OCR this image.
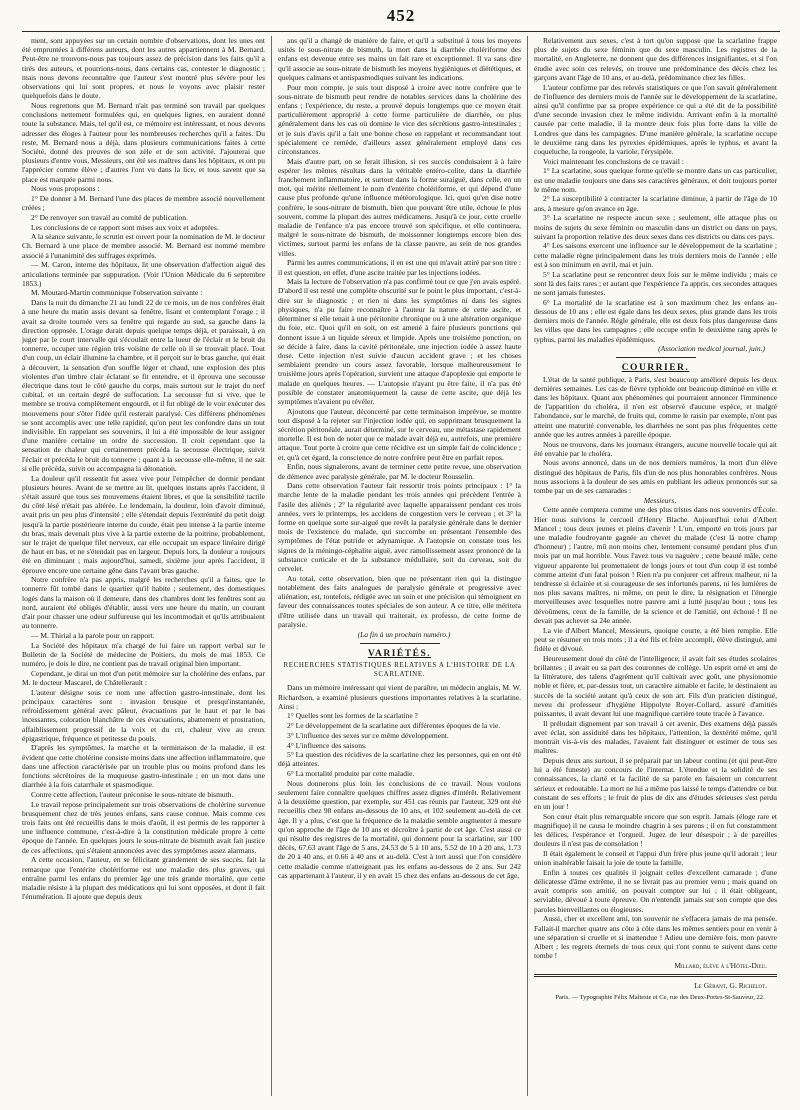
452

ment, sont appuyées sur un certain nombre d'observations, dont les unes ont été empruntées à différens auteurs, dont les autres appartiennent à M. Bernard. Peut-être ne trouvons-nous pas toujours assez de précision dans les faits qu'il a tirés des auteurs, et pourrions-nous, dans certains cas, contester le diagnostic ; mais nous devons reconnaître que l'auteur s'est montré plus sévère pour les observations qui lui sont propres, et nous le voyons avec plaisir rester quelquefois dans le doute.

Nous regrettons que M. Bernard n'ait pas terminé son travail par quelques conclusions nettement formulées qui, en quelques lignes, en auraient donné toute la substance. Mais, tel qu'il est, ce mémoire est intéressant, et nous devons adresser des éloges à l'auteur pour les nombreuses recherches qu'il a faites. Du reste, M. Bernard nous a déjà, dans plusieurs communications faites à cette Société, donné des preuves de son zèle et de son activité. J'ajouterai que plusieurs d'entre vous, Messieurs, ont été ses maîtres dans les hôpitaux, et ont pu l'apprécier comme élève ; d'autres l'ont vu dans la lice, et tous savent que sa place est marquée parmi nous.

Nous vous proposons :

1° De donner à M. Bernard l'une des places de membre associé nouvellement créées ;

2° De renvoyer son travail au comité de publication.

Les conclusions de ce rapport sont mises aux voix et adoptées.

A la séance suivante, le scrutin est ouvert pour la nomination de M. le docteur Ch. Bernard à une place de membre associé. M. Bernard est nommé membre associé à l'unanimité des suffrages exprimés.

— M. Caron, interne des hôpitaux, lit une observation d'affection aiguë des articulations terminée par suppuration. (Voir l'Union Médicale du 6 septembre 1853.)

M. Moutard-Martin communique l'observation suivante :

Dans la nuit du dimanche 21 au lundi 22 de ce mois, un de nos confrères était à une heure du matin assis devant sa fenêtre, lisant et contemplant l'orage ; il avait sa droite tournée vers sa fenêtre qui regarde au sud, sa gauche dans la direction opposée. L'orage durait depuis quelque temps déjà, et paraissait, à en juger par le court intervalle qui s'écoulait entre la lueur de l'éclair et le bruit du tonnerre, occuper une région très voisine de celle où il se trouvait placé. Tout d'un coup, un éclair illumine la chambre, et il perçoit sur le bras gauche, qui était à découvert, la sensation d'un souffle léger et chaud, une explosion des plus violentes d'un timbre clair éclatant se fit entendre, et il éprouva une secousse électrique dans tout le côté gauche du corps, mais surtout sur le trajet du nerf cubital, et un certain degré de suffocation. La secousse fut si vive, que le membre se trouva complètement engourdi, et il fut obligé de le voir exécuter des mouvemens pour s'ôter l'idée qu'il resterait paralysé. Ces différens phénomènes se sont accomplis avec une telle rapidité, qu'on peut les confondre dans un tout indivisible. En rappelant ses souvenirs, il lui a été impossible de leur assigner d'une manière certaine un ordre de succession. Il croit cependant que la sensation de chaleur qui certainement précéda la secousse électrique, suivit l'éclair et précéda le bruit du tonnerre ; quant à la secousse elle-même, il ne sait si elle précéda, suivit ou accompagna la détonation.

La douleur qu'il ressentit fut assez vive pour l'empêcher de dormir pendant plusieurs heures. Avant de se mettre au lit, quelques instans après l'accident, il s'était assuré que tous ses mouvemens étaient libres, et que la sensibilité tactile du côté lésé n'était pas altérée. Le lendemain, la douleur, loin d'avoir diminué, avait pris un peu plus d'intensité ; elle s'étendait depuis l'extrémité du petit doigt jusqu'à la partie postérieure interne du coude, était peu intense à la partie interne du bras, mais devenait plus vive à la partie externe de la poitrine, probablement, sur le trajet de quelque filet nerveux, car elle occupait un espace linéaire dirigé de haut en bas, et ne s'étendait pas en largeur. Depuis lors, la douleur a toujours été en diminuant ; mais aujourd'hui, samedi, sixième jour après l'accident, il éprouve encore une certaine gêne dans l'avant bras gauche.

Notre confrère n'a pas appris, malgré les recherches qu'il a faites, que le tonnerre fût tombé dans le quartier qu'il habite ; seulement, des domestiques logés dans la maison où il demeure, dans des chambres dont les fenêtres sont au nord, auraient été obligés d'établir, aussi vers une heure du matin, un courant d'air pour chasser une odeur sulfureuse qui les incommodait et qu'ils attribuaient au tonnerre.

— M. Thirial a la parole pour un rapport.

La Société des hôpitaux m'a chargé de lui faire un rapport verbal sur le Bulletin de la Société de médecine de Poitiers, du mois de mai 1853. Ce numéro, je dois le dire, ne contient pas de travail original bien important.

Cependant, je dirai un mot d'un petit mémoire sur la cholérine des enfans, par M. le docteur Mascarel, de Châtellerault :

L'auteur désigne sous ce nom une affection gastro-intestinale, dont les principaux caractères sont : invasion brusque et presqu'instantanée, refroidissement général avec pâleur, évacuations par le haut et par le bas incessantes, coloration blanchâtre de ces évacuations, abattement et prostration, affaiblissement progressif de la voix et du cri, chaleur vive au creux épigastrique, fréquence et petitesse du pouls.

D'après les symptômes, la marche et la terminaison de la maladie, il est évident que cette cholérine consiste moins dans une affection inflammatoire, que dans une affection caractérisée par un trouble plus ou moins profond dans les fonctions sécrétoires de la muqueuse gastro-intestinale ; en un mot dans une diarrhée à la fois catarrhale et spasmodique.

Contre cette affection, l'auteur préconise le sous-nitrate de bismuth.

Le travail repose principalement sur trois observations de cholérine survenue brusquement chez de très jeunes enfans, sans cause connue. Mais comme ces trois faits ont été recueillis dans le mois d'août, il est permis de les rapporter à une influence commune, c'est-à-dire à la constitution médicale propre à cette époque de l'année. En quelques jours le sous-nitrate de bismuth avait fait justice de ces affections, qui s'étaient annoncées avec des symptômes assez alarmans.

A cette occasion, l'auteur, en se félicitant grandement de ses succès, fait la remarque que l'entérite cholériforme est une maladie des plus graves, qui entraîne parmi les enfans du premier âge une très grande mortalité, que cette maladie résiste à la plupart des médications qui lui sont opposées, et dont il fait l'énumération. Il ajoute que depuis deux

ans qu'il a changé de manière de faire, et qu'il a substitué à tous les moyens usités le sous-nitrate de bismuth, la mort dans la diarrhée cholériforme des enfans est devenue entre ses mains un fait rare et exceptionnel. Il va sans dire qu'il associe au sous-nitrate de bismuth les moyens hygiéniques et diététiques, et quelques calmans et antispasmodiques suivant les indications.

Pour mon compte, je suis tout disposé à croire avec notre confrère que le sous-nitrate de bismuth peut rendre de notables services dans la cholérine des enfans ; l'expérience, du reste, a prouvé depuis longtemps que ce moyen était particulièrement approprié à cette forme particulière de diarrhée, ou plus généralement dans les cas où domine le vice des sécrétions gastro-intestinales ; et je suis d'avis qu'il a fait une bonne chose en rappelant et recommandant tout spécialement ce remède, d'ailleurs assez généralement employé dans ces circonstances.

Mais d'autre part, on se ferait illusion, si ces succès conduisaient à à faire espérer les mêmes résultats dans la véritable entéro-colite, dans la diarrhée franchement inflammatoire, et surtout dans la forme suraiguë, dans celle, en un mot, qui mérite réellement le nom d'entérite cholériforme, et qui dépend d'une cause plus profonde qu'une influence météorologique. Ici, quoi qu'en dise notre confrère, le sous-nitrate de bismuth, bien que pouvant être utile, échoue le plus souvent, comme la plupart des autres médicamens. Jusqu'à ce jour, cette cruelle maladie de l'enfance n'a pas encore trouvé son spécifique, et elle continuera, malgré le sous-nitrate de bismuth, de moissonner longtemps encore bien des victimes, surtout parmi les enfans de la classe pauvre, au sein de nos grandes villes.

Parmi les autres communications, il en est une qui m'avait attiré par son titre : il est question, en effet, d'une ascite traitée par les injections iodées.

Mais la lecture de l'observation n'a pas confirmé tout ce que j'en avais espéré. D'abord il est resté une complète obscurité sur le point le plus important, c'est-à-dire sur le diagnostic ; et rien ni dans les symptômes ni dans les signes physiques, n'a pu faire reconnaître à l'auteur la nature de cette ascite, et déterminer si elle tenait à une péritonite chronique ou à une altération organique du foie, etc. Quoi qu'il en soit, on est amené à faire plusieurs ponctions qui donnent issue à un liquide séreux et limpide. Après une troisième ponction, on se décide à faire, dans la cavité péritonéale, une injection iodée à assez haute dose. Cette injection n'est suivie d'aucun accident grave ; et les choses semblaient prendre un cours assez favorable, lorsque malheureusement le troisième jours après l'opération, survient une attaque d'apoplexie qui emporte le malade en quelques heures. — L'autopsie n'ayant pu être faite, il n'a pas été possible de constater anatomiquement la cause de cette ascite, que déjà les symptômes n'avaient pu révéler.

Ajoutons que l'auteur, déconcerté par cette terminaison imprévue, se montre tout disposé à la rejeter sur l'injection iodée qui, en supprimant brusquement la sécrétion péritonéale, aurait déterminé, sur le cerveau, une métastase rapidement mortelle. Il est bon de noter que ce malade avait déjà eu, autrefois, une première attaque. Tout porte à croire que cette récidive est un simple fait de coïncidence ; et, qu'à cet égard, la conscience de notre confrère peut être en parfait repos.

Enfin, nous signalerons, avant de terminer cette petite revue, une observation de démence avec paralysie générale, par M. le docteur Rousselin.

Dans cette observation l'auteur fait ressortir trois points principaux : 1° la marche lente de la maladie pendant les trois années qui précèdent l'entrée à l'asile des aliénés ; 2° la régularité avec laquelle apparaissent pendant ces trois années, vers le printemps, les accidens de congestion vers le cerveau ; et 3° la forme en quelque sorte sur-aiguë que revêt la paralysie générale dans le dernier mois de l'existence du malade, qui succombe en présentant l'ensemble des symptômes de l'état putride et adynamique. A l'autopsie on constate tous les signes de la méningo-céphalite aiguë, avec ramollissement assez prononcé de la substance corticale et de la substance médullaire, soit du cerveau, soit du cervelet.

Au total, cette observation, bien que ne présentant rien qui la distingue notablement des faits analogues de paralysie générale et progressive avec aliénation, est, toutefois, rédigée avec un soin et une précision qui témoignent en faveur des connaissances toutes spéciales de son auteur. A ce titre, elle méritera d'être utilisée dans un travail qui traiterait, ex professo, de cette forme de paralysie.

(La fin à un prochain numéro.)

VARIÉTÉS.
RECHERCHES STATISTIQUES RELATIVES A L'HISTOIRE DE LA SCARLATINE.

Dans un mémoire intéressant qui vient de paraître, un médecin anglais, M. W. Richardson, a examiné plusieurs questions importantes relatives à la scarlatine. Ainsi :

1° Quelles sont les formes de la scarlatine ?

2° Le développement de la scarlatine aux différentes époques de la vie.

3° L'influence des sexes sur ce même développement.

4° L'influence des saisons.

5° La question des récidives de la scarlatine chez les personnes, qui en ont été déjà atteintes.

6° La mortalité produite par cette maladie.

Nous donnerons plus loin les conclusions de ce travail. Nous voulons seulement faire connaître quelques chiffres assez dignes d'intérêt. Relativement à la deuxième question, par exemple, sur 451 cas réunis par l'auteur, 329 ont été recueillis chez 98 enfans au-dessous de 10 ans, et 102 seulement au-delà de cet âge. Il y a plus, c'est que la fréquence de la maladie semble augmenter à mesure qu'on approche de l'âge de 10 ans et décroître à partir de cet âge. C'est aussi ce qui résulte des registres de la mortalité, qui donnent pour la scarlatine, sur 100 décès, 67.63 avant l'âge de 5 ans, 24.53 de 5 à 10 ans, 5.52 de 10 à 20 ans, 1.73 de 20 à 40 ans, et 0.66 à 40 ans et au-delà. C'est à tort aussi que l'on considère cette maladie comme n'atteignant pas les enfans au-dessous de 2 ans. Sur 242 cas appartenant à l'auteur, il y en avait 15 chez des enfans au-dessous de cet âge,

Relativement aux sexes, c'est à tort qu'on suppose que la scarlatine frappe plus de sujets du sexe féminin que du sexe masculin. Les registres de la mortalité, en Angleterre, ne donnent que des différences insignifiantes, et si l'on étudie avec soin ces relevés, on trouve une prédominance des décès chez les garçons avant l'âge de 10 ans, et au-delà, prédominance chez les filles.

L'auteur confirme par des relevés statistiques ce que l'on savait généralement de l'influence des derniers mois de l'année sur le développement de la scarlatine, ainsi qu'il confirme par sa propre expérience ce qui a été dit de la possibilité d'une seconde invasion chez le même individu. Arrivant enfin à la mortalité causée par cette maladie, il la montre deux fois plus forte dans la ville de Londres que dans les campagnes. D'une manière générale, la scarlatine occupe le deuxième rang dans les pyrexies épidémiques, après le typhus, et avant la coqueluche, la rougeole, la variole, l'érysipèle.

Voici maintenant les conclusions de ce travail :

1° La scarlatine, sous quelque forme qu'elle se montre dans un cas particulier, est une maladie toujours une dans ses caractères généraux, et doit toujours porter le même nom.

2° La susceptibilité à contracter la scarlatine diminue, à partir de l'âge de 10 ans, à mesure qu'on avance en âge.

3° La scarlatine ne respecte aucun sexe ; seulement, elle attaque plus ou moins de sujets du sexe féminin ou masculin dans un district ou dans un pays, suivant la proportion relative des deux sexes dans ces districts ou dans ces pays.

4° Les saisons exercent une influence sur le développement de la scarlatine ; cette maladie règne principalement dans les trois derniers mois de l'année ; elle est à son minimum en avril, mai et juin.

5° La scarlatine peut se rencontrer deux fois sur le même individu ; mais ce sont là des faits rares ; et autant que l'expérience l'a appris, ces secondes attaques ne sont jamais funestes.

6° La mortalité de la scarlatine est à son maximum chez les enfans au-dessous de 10 ans ; elle est égale dans les deux sexes, plus grande dans les trois derniers mois de l'année. Règle générale, elle est deux fois plus dangereuse dans les villes que dans les campagnes ; elle occupe enfin le deuxième rang après le typhus, parmi les maladies épidémiques.

(Association medical journal, juin.)

COURRIER.

L'état de la santé publique, à Paris, s'est beaucoup amélioré depuis les deux dernières semaines. Les cas de fièvre typhoïde ont beaucoup diminué en ville et dans les hôpitaux. Quant aux phénomènes qui pourraient annoncer l'imminence de l'apparition du choléra, il n'en est observé d'aucune espèce, et malgré l'abondance, sur le marché, de fruits qui, comme le raisin par exemple, n'ont pas atteint une maturité convenable, les diarrhées ne sont pas plus fréquentes cette année que les autres années à pareille époque.

Nous ne trouvons, dans les journaux étrangers, aucune nouvelle locale qui ait été envahie par le choléra.

Nous avons annoncé, dans un de nos derniers numéros, la mort d'un élève distingué des hôpitaux de Paris, fils d'un de nos plus honorables confrères. Nous nous associons à la douleur de ses amis en publiant les adieux prononcés sur sa tombe par un de ses camarades :

Messieurs,

Cette année comptera comme une des plus tristes dans nos souvenirs d'École. Hier nous suivions le cercueil d'Henry Blache. Aujourd'hui celui d'Albert Mancel ; tous deux jeunes et pleins d'avenir ! L'un, emporté en trois jours par une maladie foudroyante gagnée au chevet du malade (c'est là notre champ d'honneur) ; l'autre, mû non moins cher, lentement consumé pendant plus d'un mois par un mal horrible. Vous l'avez tous vu naguère ; cette beauté mâle, cette vigueur apparente lui promettaient de longs jours et tout d'un coup il est tombé comme atteint d'un fatal poison ! Rien n'a pu conjurer cet affreux malheur, ni la tendresse si éclairée et si courageuse de ses infortunés parens, ni les lumières de nos plus savans maîtres, ni même, on peut le dire, la résignation et l'énergie merveilleuses avec lesquelles notre pauvre ami a lutté jusqu'au bout ; tous les dévoûmens, ceux de la famille, de la science et de l'amitié, ont échoué ! Il ne devait pas achever sa 24e année.

La vie d'Albert Mancel, Messieurs, quoique courte, a été bien remplie. Elle peut se résumer en trois mots ; il a été fils et frère accompli, élève distingué, ami fidèle et dévoué.

Heureusement doué du côté de l'intelligence, il avait fait ses études scolaires brillantes ; il avait eu sa part des couronnes de collège. Un esprit orné et ami de la littérature, des talens d'agrément qu'il cultivait avec goût, une physionomie noble et fière, et, par-dessus tout, un caractère aimable et facile, le destinaient au succès de la société autant qu'à ceux de son art. Fils d'un praticien distingué, neveu du professeur d'hygiène Hippolyte Royer-Collard, assuré d'amitiés puissantes, il avait devant lui une magnifique carrière toute tracée à l'avance.

Il préludait dignement par son travail à cet avenir. Des examens déjà passés avec éclat, son assiduité dans les hôpitaux, l'attention, la dextérité même, qu'il montrait vis-à-vis des malades, l'avaient fait distinguer et estimer de tous ses maîtres.

Depuis deux ans surtout, il se préparait par un labeur continu (et qui peut-être lui a été funeste) au concours de l'internat. L'étendue et la solidité de ses connaissances, la clarté et la facilité de sa parole en faisaient un concurrent sérieux et redoutable. La mort ne lui a même pas laissé le temps d'attendre ce but constant de ses efforts ; le fruit de plus de dix ans d'études sérieuses s'est perdu en un jour !

Son cœur était plus remarquable encore que son esprit. Jamais (éloge rare et magnifique) il ne causa le moindre chagrin à ses parens ; il en fut constamment les délices, l'espérance et l'orgueil. Jugez de leur désespoir ; à de pareilles douleurs il n'est pas de consolation !

Il était également le conseil et l'appui d'un frère plus jeune qu'il adorait ; leur union inaltérable faisait la joie de toute la famille.

Enfin à toutes ces qualités il joignait celles d'excellent camarade ; d'une délicatesse d'âme extrême, il ne se livrait pas au premier venu ; mais quand on avait compris son amitié, on pouvait compter sur lui ; il était obligeant, serviable, dévoué à toute épreuve. On n'entendit jamais sur son compte que des paroles bienveillantes ou élogieuses.

Aussi, cher et excellent ami, ton souvenir ne s'effacera jamais de ma pensée. Fallait-il marcher quatre ans côte à côte dans les mêmes sentiers pour en venir à une séparation si cruelle et si inattendue ! Adieu une dernière fois, mon pauvre Albert ; les regrets éternels de tous ceux qui t'ont connu te suivent dans cette tombe !

Millard, élève à l'Hôtel-Dieu.

Le Gérant, G. Richelot.

Paris. — Typographie Félix Malteste et Ce, rue des Deux-Portes-St-Sauveur, 22.
